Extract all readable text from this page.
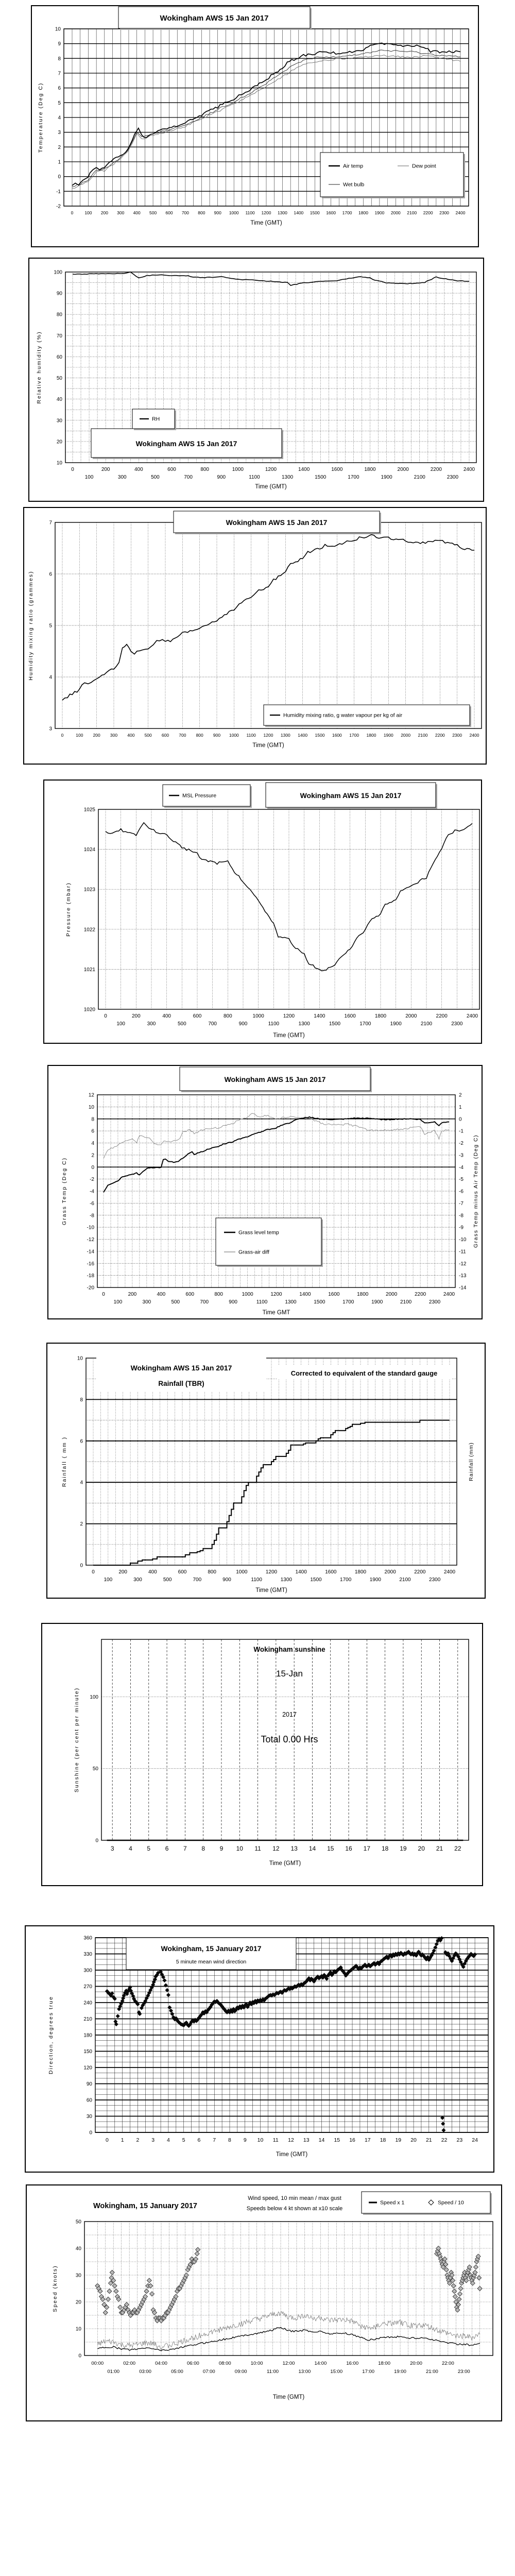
-2
-1
0
1
2
3
4
5
6
7
8
9
10
0	100 200 300 400 500 600 700 800 900 1000 1100 1200 1300 1400 1500 1600 1700 1800 1900 2000 2100 2200 2300 2400
Time (GMT)
Temperature (Deg C)
Wokingham AWS 15 Jan 2017
Air temp	Dew point
Wet bulb
10
20
30
40
50
60
70
80
90
100
0
100
200
300
400
500
600
700
800
900
1000
1100
1200
1300
1400
1500
1600
1700
1800
1900
2000
2100
2200
2300
2400
Time (GMT)
Relative humidity (%)
Wokingham AWS 15 Jan 2017
RH
3
4
5
6
7
0	100 200 300 400 500 600 700 800 900 1000 1100 1200 1300 1400 1500 1600 1700 1800 1900 2000 2100 2200 2300 2400
Time (GMT)
Humidity mixing ratio (grammes)
Wokingham AWS 15 Jan 2017
Humidity mixing ratio, g water vapour per kg of air
1020
1021
1022
1023
1024
1025
0
100
200
300
400
500
600
700
800
900
1000
1100
1200
1300
1400
1500
1600
1700
1800
1900
2000
2100
2200
2300
2400
Time (GMT)
Pressure (mbar)
Wokingham AWS 15 Jan 2017
MSL Pressure
-20
-18
-16
-14
-12
-10
-8
-6
-4
-2
0
2
4
6
8
10
12
-14
-13
-12
-11
-10
-9
-8
-7
-6
-5
-4
-3
-2
-1
0
1
2
0
100
200
300
400
500
600
700
800
900
1000
1100
1200
1300
1400
1500
1600
1700
1800
1900
2000
2100
2200
2300
2400
Time GMT
Grass Temp (Deg C)	Grass Temp minus Air Temp (Deg C)
Wokingham AWS 15 Jan 2017
Grass level temp
Grass-air diff
0
2
4
6
8
10
0
100
200
300
400
500
600
700
800
900
1000
1100
1200
1300
1400
1500
1600
1700
1800
1900
2000
2100
2200
2300
2400
Time (GMT)
Rainfall ( mm )	Rainfall (mm)
Wokingham AWS 15 Jan 2017
Rainfall (TBR)
Corrected to equivalent of the standard gauge
0
50
100
3 4 5 6 7 8 9 10 11 12 13 14 15 16 17 18 19 20 21 22
Time (GMT)
Sunshine (per cent per minute)
Wokingham sunshine
15-Jan
2017
Total 0.00 Hrs
0
30
60
90
120
150
180
210
240
270
300
330
360
0 1 2 3 4 5 6 7 8 9 10 11 12 13 14 15 16 17 18 19 20 21 22 23 24
Time (GMT)
Direction, degrees true
Wokingham, 15 January 2017
5 minute mean wind direction
0
10
20
30
40
50
00:00
01:00
02:00
03:00
04:00
05:00
06:00
07:00
08:00
09:00
10:00
11:00
12:00
13:00
14:00
15:00
16:00
17:00
18:00
19:00
20:00
21:00
22:00
23:00
Time (GMT)
Speed (knots)
Wokingham, 15 January 2017
Wind speed, 10 min mean / max gust
Speeds below 4 kt shown at x10 scale
Speed x 1	Speed / 10
